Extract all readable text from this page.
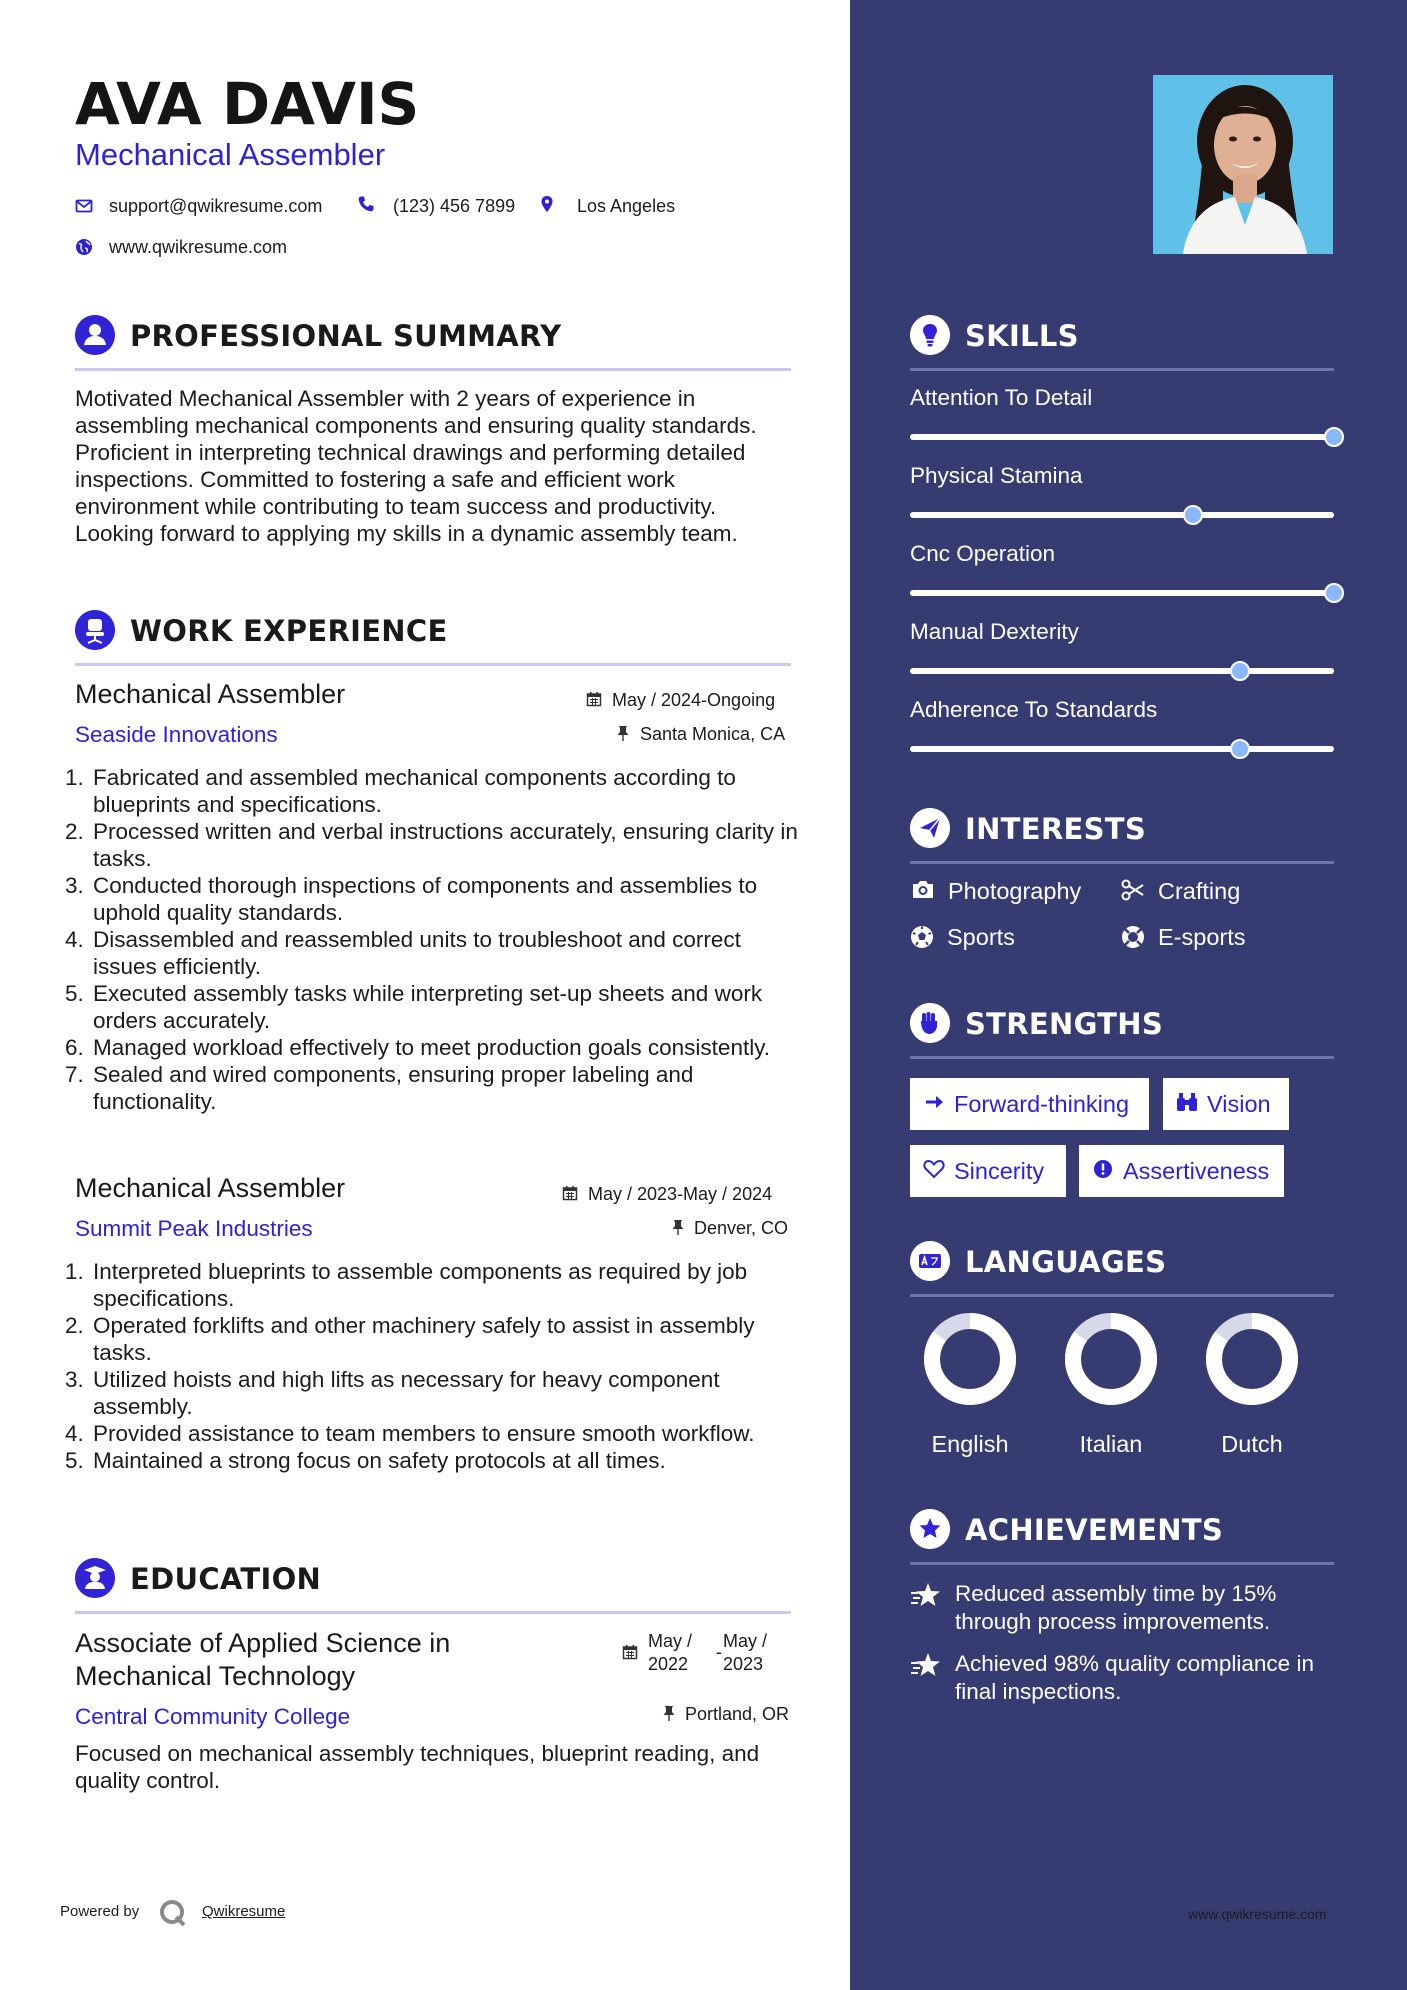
AVA DAVIS
Mechanical Assembler
support@qwikresume.com	(123) 456 7899	Los Angeles
www.qwikresume.com
PROFESSIONAL SUMMARY
Motivated Mechanical Assembler with 2 years of experience in assembling mechanical components and ensuring quality standards. Proficient in interpreting technical drawings and performing detailed inspections. Committed to fostering a safe and efficient work environment while contributing to team success and productivity. Looking forward to applying my skills in a dynamic assembly team.
WORK EXPERIENCE
Mechanical Assembler	May / 2024-Ongoing
Seaside Innovations	Santa Monica, CA
1. Fabricated and assembled mechanical components according to blueprints and specifications.
2. Processed written and verbal instructions accurately, ensuring clarity in tasks.
3. Conducted thorough inspections of components and assemblies to uphold quality standards.
4. Disassembled and reassembled units to troubleshoot and correct issues efficiently.
5. Executed assembly tasks while interpreting set-up sheets and work orders accurately.
6. Managed workload effectively to meet production goals consistently.
7. Sealed and wired components, ensuring proper labeling and functionality.
Mechanical Assembler	May / 2023-May / 2024
Summit Peak Industries	Denver, CO
1. Interpreted blueprints to assemble components as required by job specifications.
2. Operated forklifts and other machinery safely to assist in assembly tasks.
3. Utilized hoists and high lifts as necessary for heavy component assembly.
4. Provided assistance to team members to ensure smooth workflow.
5. Maintained a strong focus on safety protocols at all times.
EDUCATION
Associate of Applied Science in
Mechanical Technology
May /
2022
-
May /
2023
Central Community College	Portland, OR
Focused on mechanical assembly techniques, blueprint reading, and quality control.
SKILLS
Attention To Detail
Physical Stamina
Cnc Operation
Manual Dexterity
Adherence To Standards
INTERESTS
Photography	Crafting
Sports	E-sports
STRENGTHS
Forward-thinking	Vision
Sincerity	Assertiveness
LANGUAGES
English	Italian	Dutch
ACHIEVEMENTS
Reduced assembly time by 15% through process improvements.
Achieved 98% quality compliance in final inspections.
Powered by	Qwikresume	www.qwikresume.com
